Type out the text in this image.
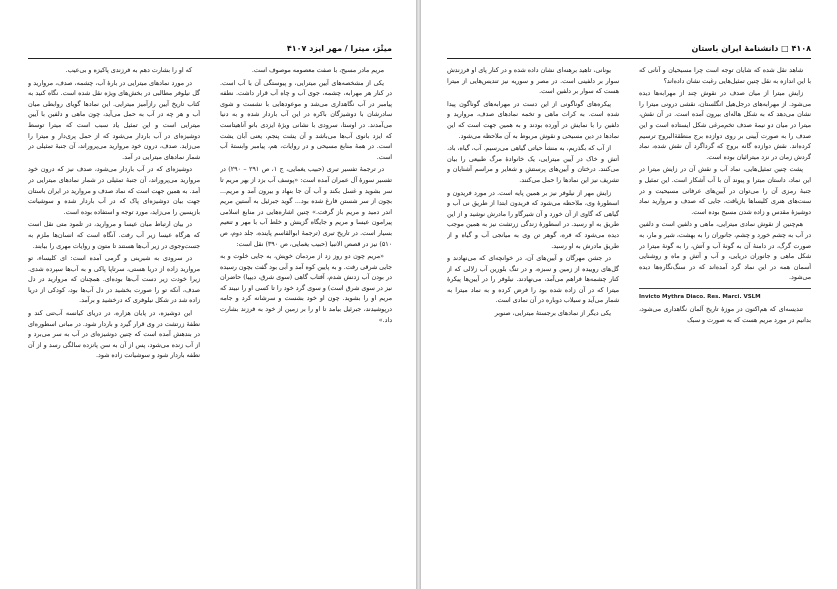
میتْرَ، میترا / مهر ایزد ۴۱۰۷

مریم مادر مسیح، با صفت معصومه موصوف است.

یکی از مشخصه‌های آیین میترایی، و پیوستگی آن با آب است. در کنار هر مهرابه، چشمه، جوی آب و چاه آب قرار داشت. نطفه پیامبر در آب نگاهداری می‌شد و موعودهایی با نشست و شوی سادرشان با دوشیزگان باکره در این آب باردار شده و به دنیا می‌آمدند. در اوستا، سرودی با نشانی ویژهٔ ایزدی بانو آناهیتاست که ایزد بانوی آب‌ها می‌باشد و آن یشت پنجم، یعنی آبان یشت است. در همهٔ منابع مسیحی و در روایات، هم، پیامبر وابستهٔ آب است.

در ترجمهٔ تفسیر تبری (حبیب یغمایی، ج ۱، ص ۲۹۱ – ۲۹۰) در تفسیر سورهٔ آل عمران آمده است: «پوسف آب بزد از بهر مریم تا سر بشوید و غسل بکند و آب آن جا بنهاد و بیرون آمد و مریم... بچون از سر شستن فارغ شده بود... گوید جبرئیل به آستین مریم اندر دمید و مریم باز گرفت.» چنین اشاره‌هایی در منابع اسلامی پیرامون عیسا و مریم و جایگاه گزینش و خلط آب با مهر و تنعیم بسیار است. در تاریخ تبری (ترجمهٔ ابوالقاسم پاینده، جلد دوم، ص ۵۱۰) نیز در قصص الانبیا (حبیب یغمایی، ص ۳۹۰) نقل است:

«مریم چون دو روز زد از مردمان خویش، به جایی خلوت و به جایی شرقی رفت. و به پایین کوه آمد و آبی بود گفت بچون رسیده در بودن آب زدنش شدم، آفتاب گاهی (سوی شرق، دیپیا) حاضران نیز در سوی شرق است) و سوی گرد خود را تا کسی او را نبیند که مریم او را بشوید. چون او خود بشست و سرشانه کرد و جامه درپوشیدند، جبرئیل بیامد تا او را بر زمین از خود به فرزند بشارت داد.»

که او را بشارت دهم به فرزندی پاکیزه و بی‌عیب.

در مورد نمادهای میترایی در بارهٔ آب، چشمه، صدف، مروارید و گل نیلوفر مطالبی در بخش‌های ویژه نقل شده است. نگاه کنید به کتاب تاریخ آیین رازآمیز میترایی. این نمادها گویای روابطی میان آب و هر چه در آب به حمل می‌آید، چون ماهی و دلفین با آیین میترایی است و این تمثیل یاد سبب است که میترا توسط دوشیزه‌ای در آب باردار می‌شود که از حمل پری‌دار و میترا را می‌زاید. صدف، درون خود مروارید می‌پروراند، آن جنبهٔ تمثیلی در شمار نمادهای میترایی در آمد.

دوشیزه‌ای که در آب باردار می‌شود، صدف نیز که درون خود مروارید می‌پروراند، آن جنبهٔ تمثیلی در شمار نمادهای میترایی در آمد. به همین جهت است که نماد صدف و مروارید در ایران باستان جهت بیان دوشیزه‌ای پاک که در آب باردار شده و سوشیانت بازپسین را می‌زاید، مورد توجه و استفاده بوده است.

در بیان ارتباط میان عیسا و مروارید، در تلمود متی نقل است که هرگاه عیسا زیر آب رفت. آنگاه است که انسان‌ها ملزم به جست‌وجوی در زیر آب‌ها هستند تا متون و روایات مهری را بیابند.

در سرودی به شیرینی و گرمی آمده است: ای کلیساء، تو مروارید زاده از دریا هستی، سرتاپا پاکی و به آب‌ها سپرده شدی. زیرا خودت زیر دست آب‌ها بوده‌ای. همچنان که مروارید در دل صدف، آنکه تو را صورت بخشید در دل آب‌ها بود، کودکی از دریا زاده شد در شکل نیلوفری که درخشید و برآمد.

این دوشیزه، در پایان هزاره، در دریای کیانسه آب‌تنی کند و نطفهٔ زرتشت در وی قرار گیرد و باردار شود. در مبانی اسطوره‌ای در بندهش آمده است که چنین دوشیزه‌ای در آب به سر می‌برد و از آب زنده می‌شود، پس از آن به سن پانزده سالگی رسد و از آن نطفه باردار شود و سوشیانت زاده شود.

۴۱۰۸ □ دانشنامهٔ ایران باستان

شاهد نقل شده که شایان توجه است چرا مسیحیان و آنانی که با این اندازه به نقل چنین تمثیل‌هایی رغبت نشان داده‌اند؟

زایش میترا از میان صدف در نقوش چند از مهرابه‌ها دیده می‌شود. از مهرابه‌های درجل‌هیل انگلستان، نقشی درونی میترا را نشان می‌دهد که به شکل هاله‌ای بیرون آمده است. در آن نقش، میترا در میان دو نیمهٔ صدف تخم‌مرغی شکل ایستاده است و این صدف را به صورت آیینی بر روی دوازده برج منطقة‌البروج ترسیم کرده‌اند. نقش دوازده گانه بروج که گرداگرد آن نقش شده، نماد گردش زمان در نزد میترائیان بوده است.

پشت چنین تمثیل‌هایی، نماد آب و نقش آن در زایش میترا در این نماد، داستان میترا و پیوند آن با آب آشکار است. این تمثیل و جنبهٔ رمزی آن را می‌توان در آیین‌های عرفانی مسیحیت و در سنت‌های هنری کلیساها بازیافت، جایی که صدف و مروارید نماد دوشیزهٔ مقدس و زاده شدن مسیح بوده است.

هم‌چنین از نقوش نمادی میترایی، ماهی و دلفین است و دلفین در آب به چشم خورد و چشم، جانوران را به بهشت، شیر و مار، به صورت گرگ، در دامنهٔ آن به گونهٔ آب و آتش، را به گونهٔ میترا در شکل ماهی و جانوران دریایی، و آب و آتش و ماه و روشنایی آسمان همه در این نماد گرد آمده‌اند که در سنگ‌نگاره‌ها دیده می‌شود.

Invicto Mythra Diaco. Res. Marci. VSLM

تندیسه‌ای که هم‌اکنون در موزهٔ تاریخ آلمان نگاهداری می‌شود، بدانیم در مورد مریم هست که به صورت و سبک

یونانی، تاهید برهنه‌ای نشان داده شده و در کنار پای او فرزندش سوار بر دلفینی است. در مصر و سوریه نیز تندیس‌هایی از میترا هست که سوار بر دلفین است.

پیکره‌های گوناگونی از این دست در مهرابه‌های گوناگون پیدا شده است. به کرات ماهی و تخمه نمادهای صدف، مروارید و دلفین را با نمایش در آورده بودند و به همین جهت است که این نمادها در دین مسیحی و نقوش مربوط به آن ملاحظه می‌شود.

از آب که بگذریم، به منشأ حیاتی گیاهی می‌رسیم. آب، گیاه، باد، آتش و خاک در آیین میترایی، یک خانوادهٔ مرگ طبیعی را بیان می‌کنند. درختان و آیین‌های پرستش و شعایر و مراسم آشنایان و تشریف نیز این نمادها را حمل می‌کنند.

زایش مهر از نیلوفر نیز بر همین پایه است. در مورد فریدون و اسطورهٔ وی، ملاحظه می‌شود که فریدون ابتدا از طریق نی آب و گیاهی که گاوی از آن خورد و آن شیرگاو را مادرش نوشید و از این طریق به او رسید. در اسطورهٔ زندگی زرتشت نیز به همین موجب دیده می‌شود که فره، گوهر تن وی به میانجی آب و گیاه و از طریق مادرش به او رسید.

در جشن مهرگان و آیین‌های آن، در خوانچه‌ای که می‌نهادند و گل‌های روییده از زمین و سبزه، و در تنگ بلورین آب زلالی که از کنار چشمه‌ها فراهم می‌آمد، می‌نهادند. نیلوفر را در آیین‌ها پیکرهٔ میترا که در آن زاده شده بود را فرض کرده و به نماد میترا به شمار می‌آید و سیلاب دوباره در آن نمادی است.

یکی دیگر از نمادهای برجستهٔ میترایی، صنوبر
